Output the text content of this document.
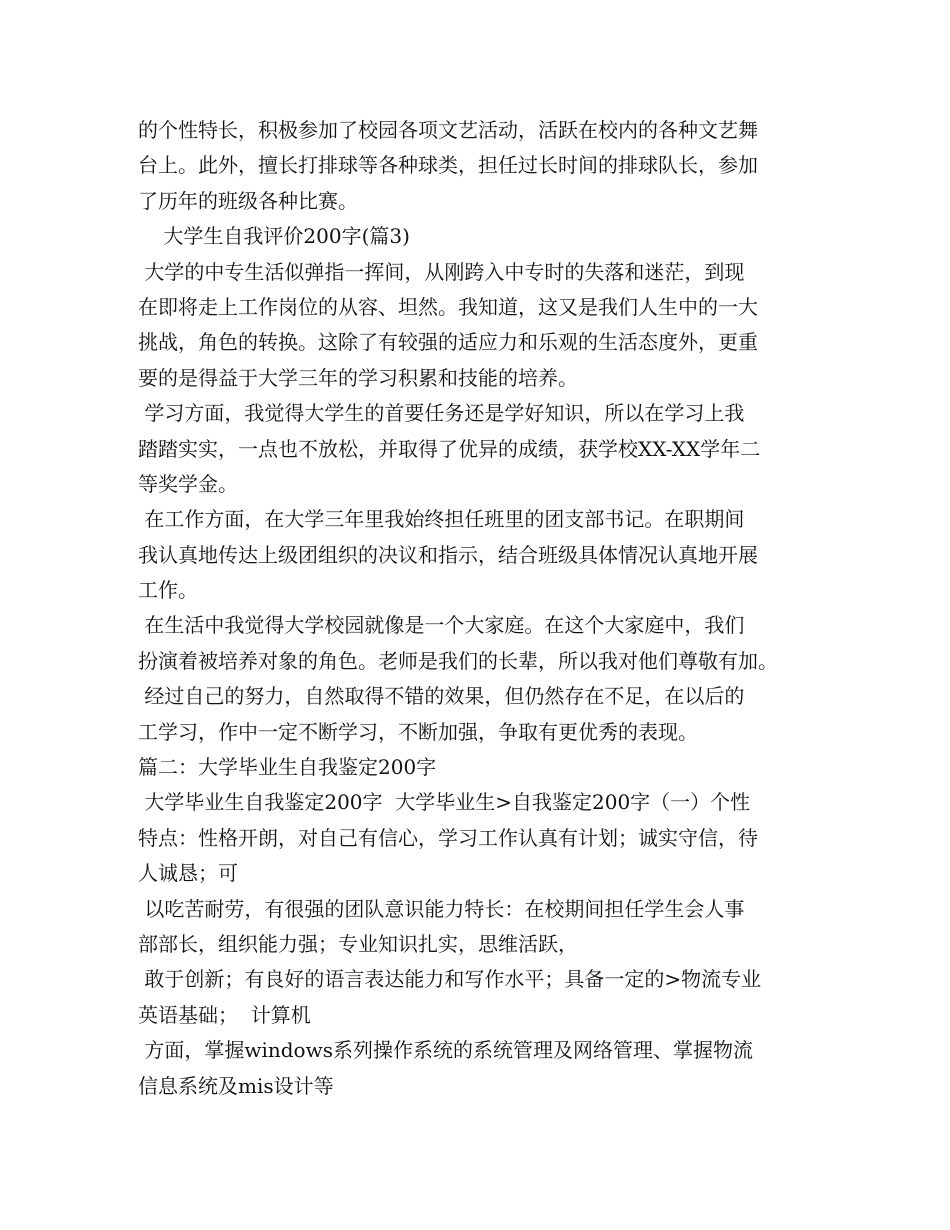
的个性特长，积极参加了校园各项文艺活动，活跃在校内的各种文艺舞
台上。此外，擅长打排球等各种球类，担任过长时间的排球队长，参加
了历年的班级各种比赛。
大学生自我评价200字(篇3)
大学的中专生活似弹指一挥间，从刚跨入中专时的失落和迷茫，到现
在即将走上工作岗位的从容、坦然。我知道，这又是我们人生中的一大
挑战，角色的转换。这除了有较强的适应力和乐观的生活态度外，更重
要的是得益于大学三年的学习积累和技能的培养。
学习方面，我觉得大学生的首要任务还是学好知识，所以在学习上我
踏踏实实，一点也不放松，并取得了优异的成绩，获学校XX-XX学年二
等奖学金。
在工作方面，在大学三年里我始终担任班里的团支部书记。在职期间
我认真地传达上级团组织的决议和指示，结合班级具体情况认真地开展
工作。
在生活中我觉得大学校园就像是一个大家庭。在这个大家庭中，我们
扮演着被培养对象的角色。老师是我们的长辈，所以我对他们尊敬有加。
经过自己的努力，自然取得不错的效果，但仍然存在不足，在以后的
工学习，作中一定不断学习，不断加强，争取有更优秀的表现。
篇二：大学毕业生自我鉴定200字
大学毕业生自我鉴定200字  大学毕业生>自我鉴定200字（一）个性
特点：性格开朗，对自己有信心，学习工作认真有计划；诚实守信，待
人诚恳；可
以吃苦耐劳，有很强的团队意识能力特长：在校期间担任学生会人事
部部长，组织能力强；专业知识扎实，思维活跃，
敢于创新；有良好的语言表达能力和写作水平；具备一定的>物流专业
英语基础；  计算机
方面，掌握windows系列操作系统的系统管理及网络管理、掌握物流
信息系统及mis设计等
